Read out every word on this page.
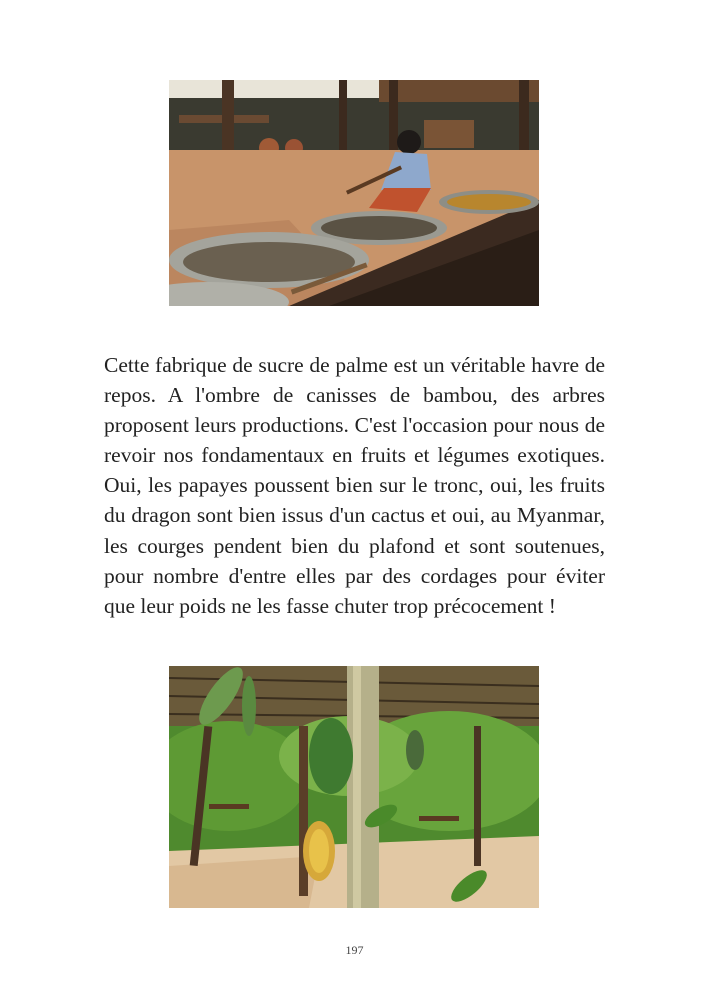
Cette fabrique de sucre de palme est un véritable havre de repos. A l'ombre de canisses de bambou, des arbres proposent leurs productions. C'est l'occasion pour nous de revoir nos fondamentaux en fruits et légumes exotiques. Oui, les papayes poussent bien sur le tronc, oui, les fruits du dragon sont bien issus d'un cactus et oui, au Myanmar, les courges pendent bien du plafond et sont soutenues, pour nombre d'entre elles par des cordages pour éviter que leur poids ne les fasse chuter trop précocement !

197
